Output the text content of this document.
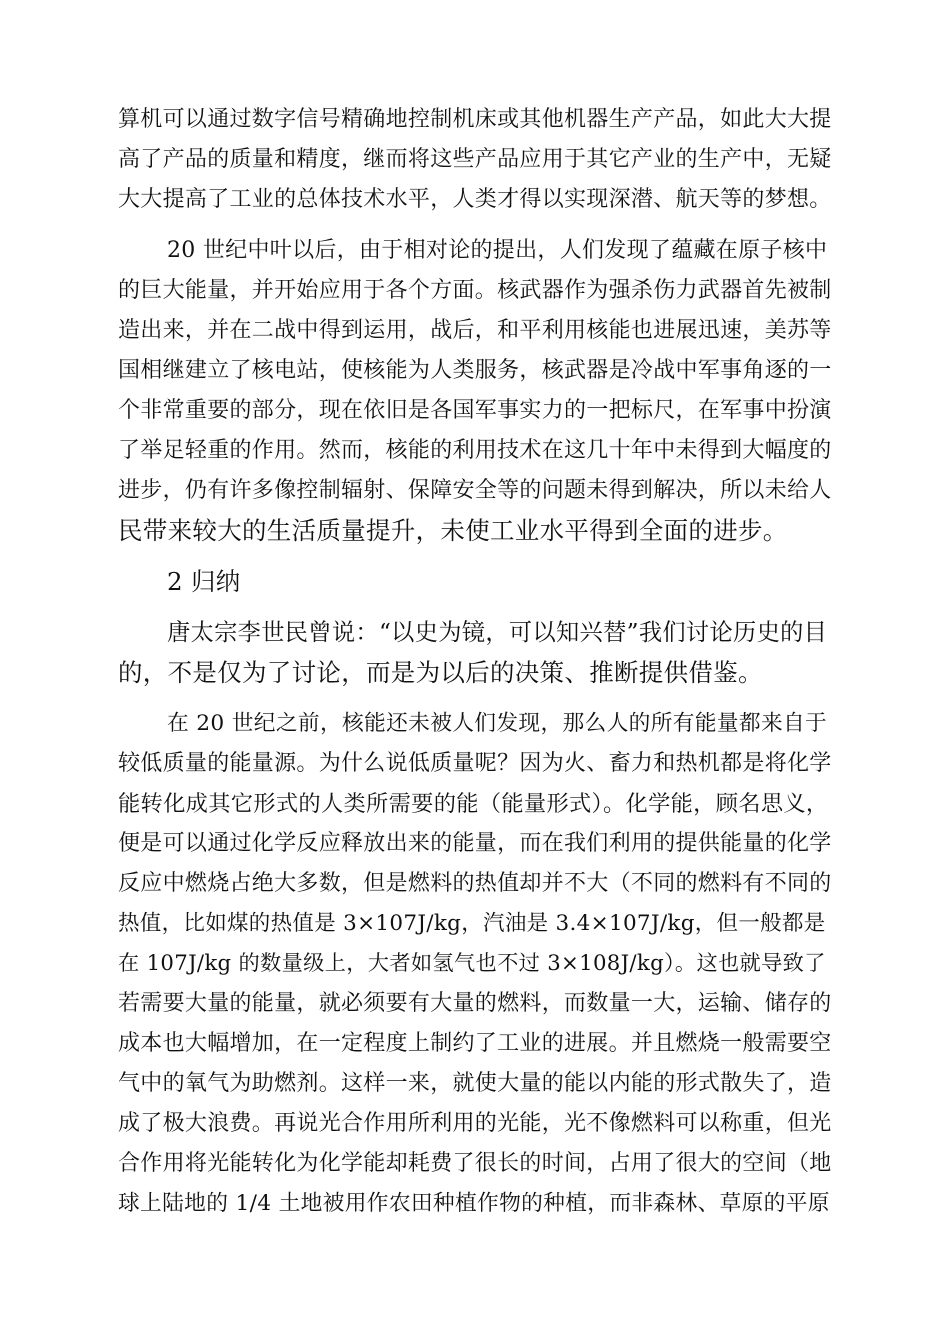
算机可以通过数字信号精确地控制机床或其他机器生产产品，如此大大提
高了产品的质量和精度，继而将这些产品应用于其它产业的生产中，无疑
大大提高了工业的总体技术水平，人类才得以实现深潜、航天等的梦想。

20 世纪中叶以后，由于相对论的提出，人们发现了蕴藏在原子核中
的巨大能量，并开始应用于各个方面。核武器作为强杀伤力武器首先被制
造出来，并在二战中得到运用，战后，和平利用核能也进展迅速，美苏等
国相继建立了核电站，使核能为人类服务，核武器是冷战中军事角逐的一
个非常重要的部分，现在依旧是各国军事实力的一把标尺，在军事中扮演
了举足轻重的作用。然而，核能的利用技术在这几十年中未得到大幅度的
进步，仍有许多像控制辐射、保障安全等的问题未得到解决，所以未给人
民带来较大的生活质量提升，未使工业水平得到全面的进步。

2 归纳

唐太宗李世民曾说：“以史为镜，可以知兴替”我们讨论历史的目
的，不是仅为了讨论，而是为以后的决策、推断提供借鉴。

在 20 世纪之前，核能还未被人们发现，那么人的所有能量都来自于
较低质量的能量源。为什么说低质量呢？因为火、畜力和热机都是将化学
能转化成其它形式的人类所需要的能（能量形式）。化学能，顾名思义，
便是可以通过化学反应释放出来的能量，而在我们利用的提供能量的化学
反应中燃烧占绝大多数，但是燃料的热值却并不大（不同的燃料有不同的
热值，比如煤的热值是 3×107J/kg，汽油是 3.4×107J/kg，但一般都是
在 107J/kg 的数量级上，大者如氢气也不过 3×108J/kg）。这也就导致了
若需要大量的能量，就必须要有大量的燃料，而数量一大，运输、储存的
成本也大幅增加，在一定程度上制约了工业的进展。并且燃烧一般需要空
气中的氧气为助燃剂。这样一来，就使大量的能以内能的形式散失了，造
成了极大浪费。再说光合作用所利用的光能，光不像燃料可以称重，但光
合作用将光能转化为化学能却耗费了很长的时间，占用了很大的空间（地
球上陆地的 1/4 土地被用作农田种植作物的种植，而非森林、草原的平原
